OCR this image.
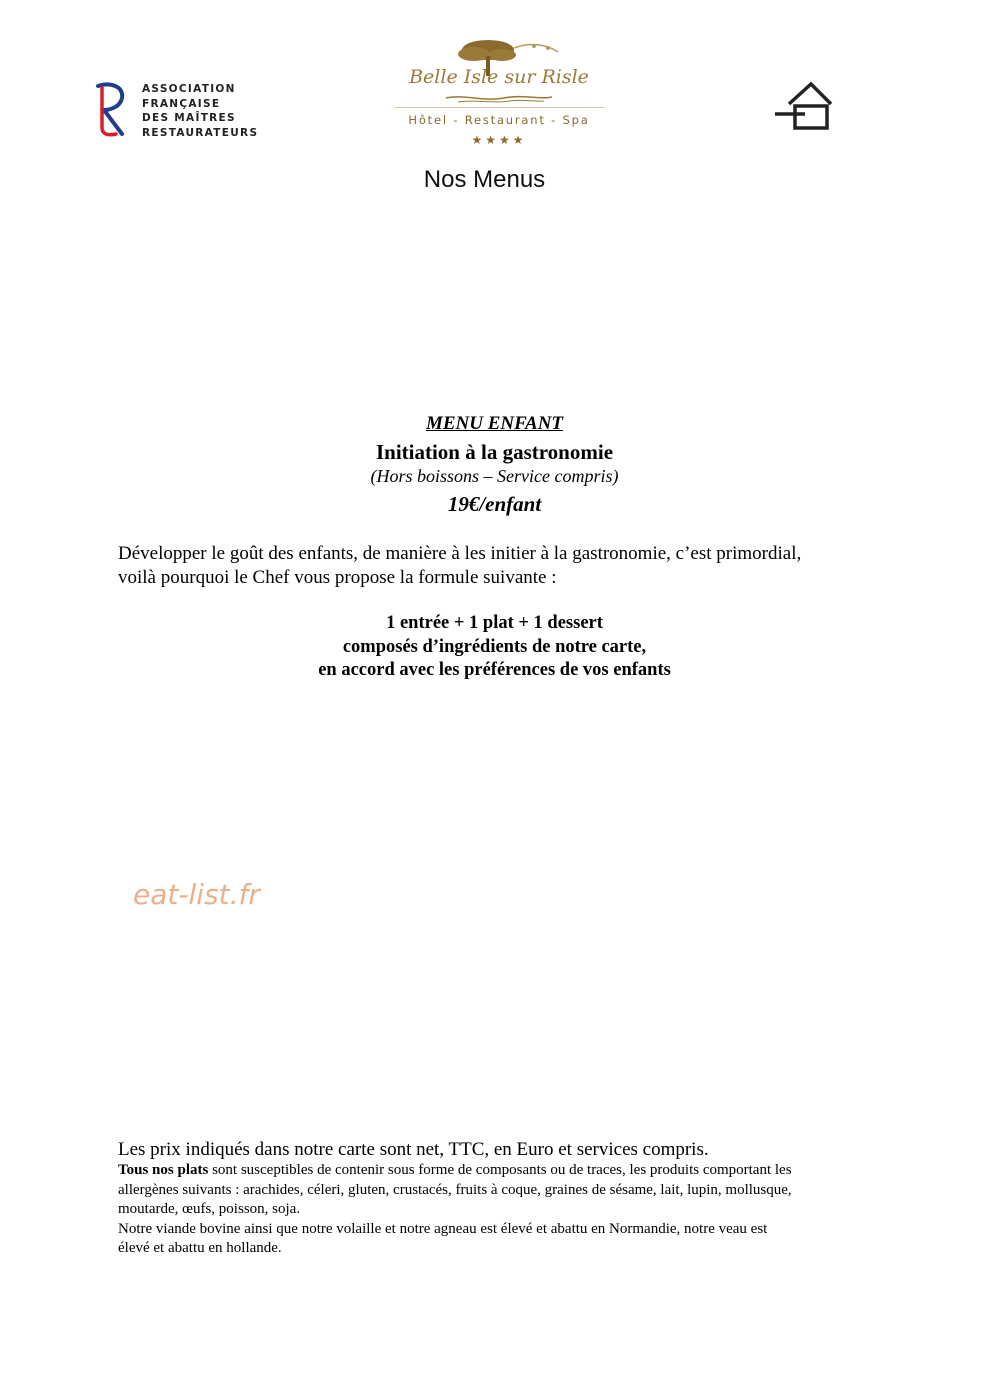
ASSOCIATION
FRANÇAISE
DES MAÎTRES
RESTAURATEURS
Belle Isle sur Risle
Hôtel - Restaurant - Spa
★★★★
Nos Menus
MENU ENFANT
Initiation à la gastronomie
(Hors boissons – Service compris)
19€/enfant
Développer le goût des enfants, de manière à les initier à la gastronomie, c’est primordial,
voilà pourquoi le Chef vous propose la formule suivante :
1 entrée + 1 plat + 1 dessert
composés d’ingrédients de notre carte,
en accord avec les préférences de vos enfants
eat-list.fr
Les prix indiqués dans notre carte sont net, TTC, en Euro et services compris.
Tous nos plats sont susceptibles de contenir sous forme de composants ou de traces, les produits comportant les
allergènes suivants : arachides, céleri, gluten, crustacés, fruits à coque, graines de sésame, lait, lupin, mollusque,
moutarde, œufs, poisson, soja.
Notre viande bovine ainsi que notre volaille et notre agneau est élevé et abattu en Normandie, notre veau est
élevé et abattu en hollande.
